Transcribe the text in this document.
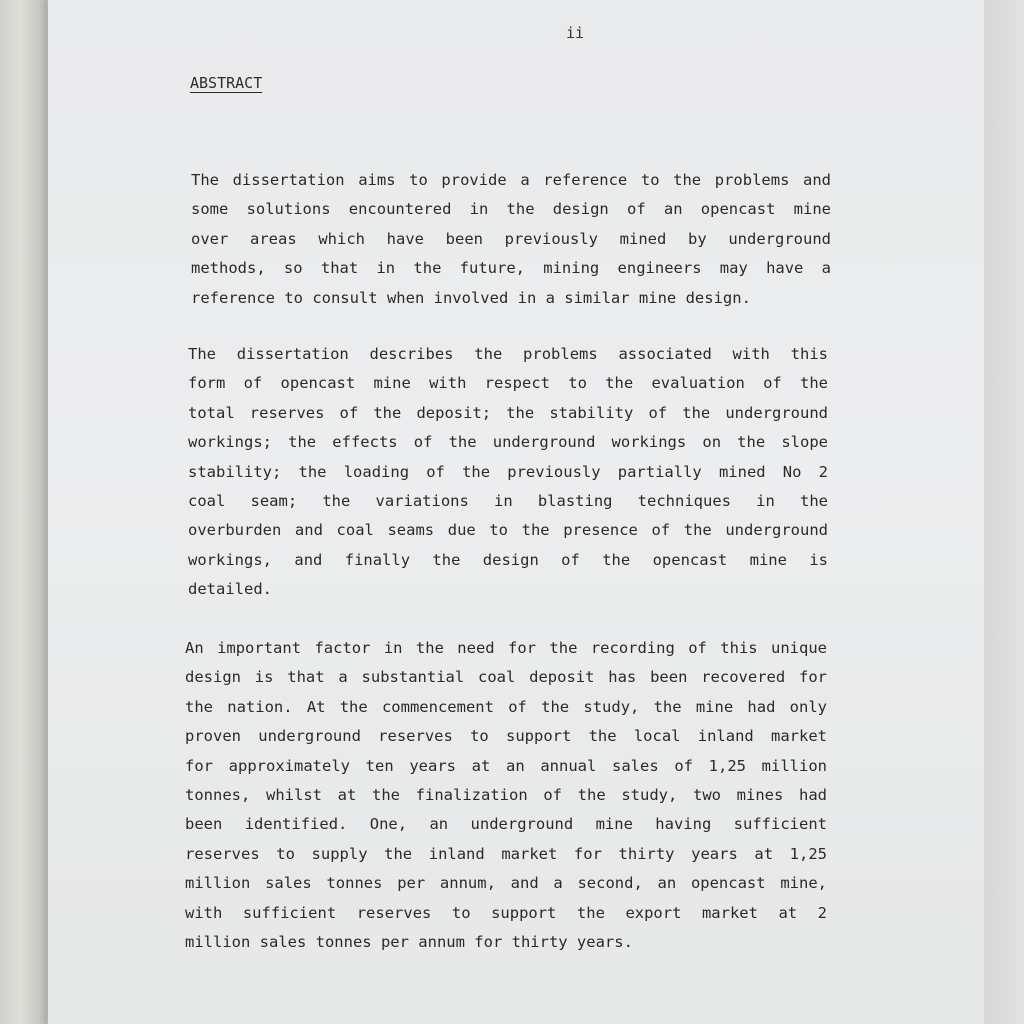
ii
ABSTRACT
The dissertation aims to provide a reference to the problems and
some solutions encountered in the design of an opencast mine
over areas which have been previously mined by underground
methods, so that in the future, mining engineers may have a
reference to consult when involved in a similar mine design.
The dissertation describes the problems associated with this
form of opencast mine with respect to the evaluation of the
total reserves of the deposit; the stability of the underground
workings; the effects of the underground workings on the slope
stability; the loading of the previously partially mined No 2
coal seam; the variations in blasting techniques in the
overburden and coal seams due to the presence of the underground
workings, and finally the design of the opencast mine is
detailed.
An important factor in the need for the recording of this unique
design is that a substantial coal deposit has been recovered for
the nation. At the commencement of the study, the mine had only
proven underground reserves to support the local inland market
for approximately ten years at an annual sales of 1,25 million
tonnes, whilst at the finalization of the study, two mines had
been identified. One, an underground mine having sufficient
reserves to supply the inland market for thirty years at 1,25
million sales tonnes per annum, and a second, an opencast mine,
with sufficient reserves to support the export market at 2
million sales tonnes per annum for thirty years.
